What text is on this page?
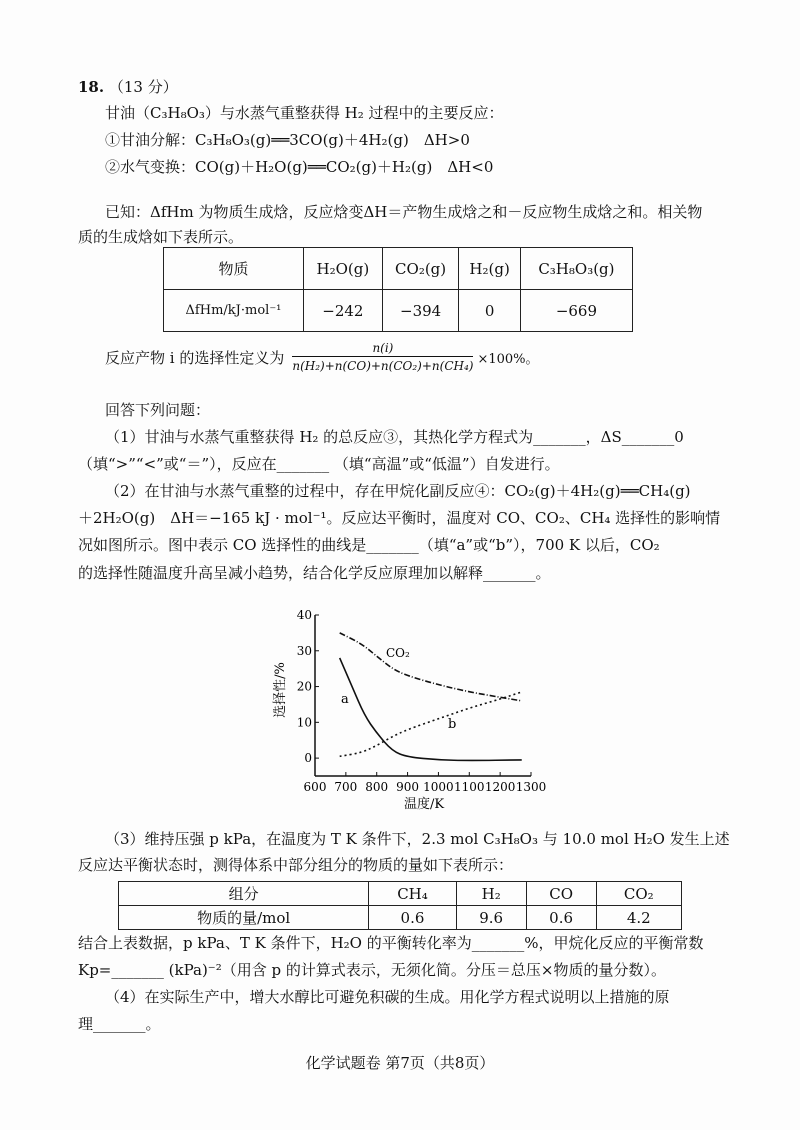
18. （13 分）
甘油（C₃H₈O₃）与水蒸气重整获得 H₂ 过程中的主要反应：
①甘油分解：C₃H₈O₃(g)══3CO(g)＋4H₂(g)　ΔH>0
②水气变换：CO(g)＋H₂O(g)══CO₂(g)＋H₂(g)　ΔH<0
已知：ΔfHm 为物质生成焓，反应焓变ΔH＝产物生成焓之和－反应物生成焓之和。相关物
质的生成焓如下表所示。
物质	H₂O(g)	CO₂(g)	H₂(g)	C₃H₈O₃(g)
ΔfHm/kJ·mol⁻¹	−242	−394	0	−669
反应产物 i 的选择性定义为 $\frac{n(i)}{\text{n(H₂)+n(CO)+n(CO₂)+n(CH₄)}} \times 100\%$。
回答下列问题：
（1）甘油与水蒸气重整获得 H₂ 的总反应③，其热化学方程式为_______，ΔS_______0
（填“>”“<”或“＝”），反应在_______ （填“高温”或“低温”）自发进行。
（2）在甘油与水蒸气重整的过程中，存在甲烷化副反应④：CO₂(g)＋4H₂(g)══CH₄(g)
＋2H₂O(g)　ΔH＝−165 kJ · mol⁻¹。反应达平衡时，温度对 CO、CO₂、CH₄ 选择性的影响情
况如图所示。图中表示 CO 选择性的曲线是_______（填“a”或“b”），700 K 以后，CO₂
的选择性随温度升高呈减小趋势，结合化学反应原理加以解释_______。
600 700 800 900 1000 1100 1200 1300
0
10
20
30
40
选择性/%
温度/K
CO₂
a
b
（3）维持压强 p kPa，在温度为 T K 条件下，2.3 mol C₃H₈O₃ 与 10.0 mol H₂O 发生上述
反应达平衡状态时，测得体系中部分组分的物质的量如下表所示：
组分	CH₄	H₂	CO	CO₂
物质的量/mol	0.6	9.6	0.6	4.2
结合上表数据，p kPa、T K 条件下，H₂O 的平衡转化率为_______%，甲烷化反应的平衡常数
Kp=_______ (kPa)⁻²（用含 p 的计算式表示，无须化简。分压＝总压×物质的量分数）。
（4）在实际生产中，增大水醇比可避免积碳的生成。用化学方程式说明以上措施的原
理_______。
化学试题卷 第7页（共8页）
